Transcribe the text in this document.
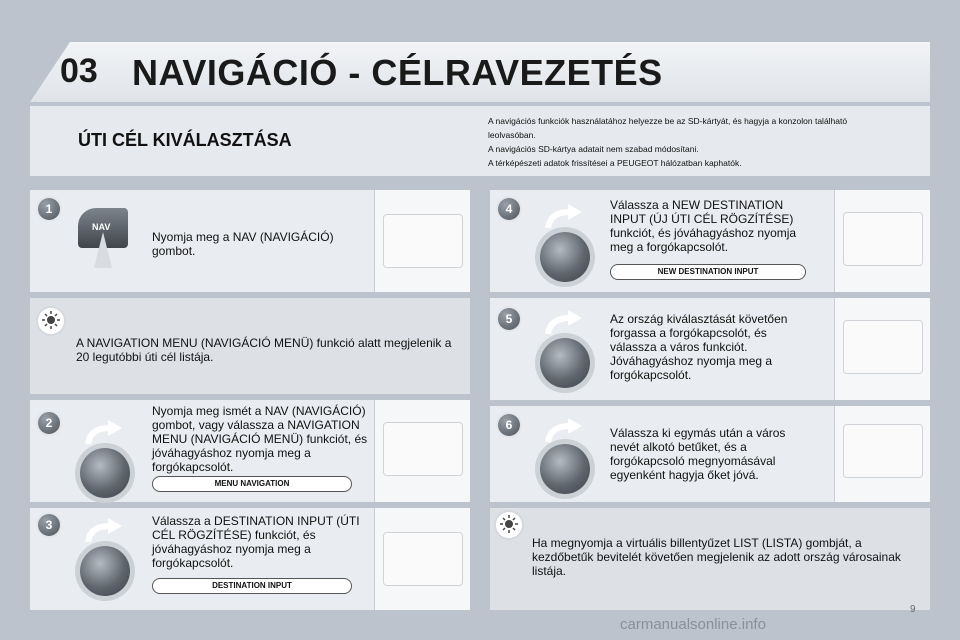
03 NAVIGÁCIÓ - CÉLRAVEZETÉS
ÚTI CÉL KIVÁLASZTÁSA
A navigációs funkciók használatához helyezze be az SD-kártyát, és hagyja a konzolon található
leolvasóban.
A navigációs SD-kártya adatait nem szabad módosítani.
A térképészeti adatok frissítései a PEUGEOT hálózatban kaphatók.
1
NAV
Nyomja meg a NAV (NAVIGÁCIÓ) gombot.
A NAVIGATION MENU (NAVIGÁCIÓ MENÜ) funkció alatt megjelenik a 20 legutóbbi úti cél listája.
2
Nyomja meg ismét a NAV (NAVIGÁCIÓ) gombot, vagy válassza a NAVIGATION MENU (NAVIGÁCIÓ MENÜ) funkciót, és jóváhagyáshoz nyomja meg a forgókapcsolót.
MENU NAVIGATION
3	Válassza a DESTINATION INPUT (ÚTI CÉL RÖGZÍTÉSE) funkciót, és jóváhagyáshoz nyomja meg a forgókapcsolót.
DESTINATION INPUT
4	Válassza a NEW DESTINATION INPUT (ÚJ ÚTI CÉL RÖGZÍTÉSE) funkciót, és jóváhagyáshoz nyomja meg a forgókapcsolót.
NEW DESTINATION INPUT
5	Az ország kiválasztását követően forgassa a forgókapcsolót, és válassza a város funkciót. Jóváhagyáshoz nyomja meg a forgókapcsolót.
6
Válassza ki egymás után a város nevét alkotó betűket, és a forgókapcsoló megnyomásával egyenként hagyja őket jóvá.
Ha megnyomja a virtuális billentyűzet LIST (LISTA) gombját, a kezdőbetűk bevitelét követően megjelenik az adott ország városainak listája.
9
carmanualsonline.info
